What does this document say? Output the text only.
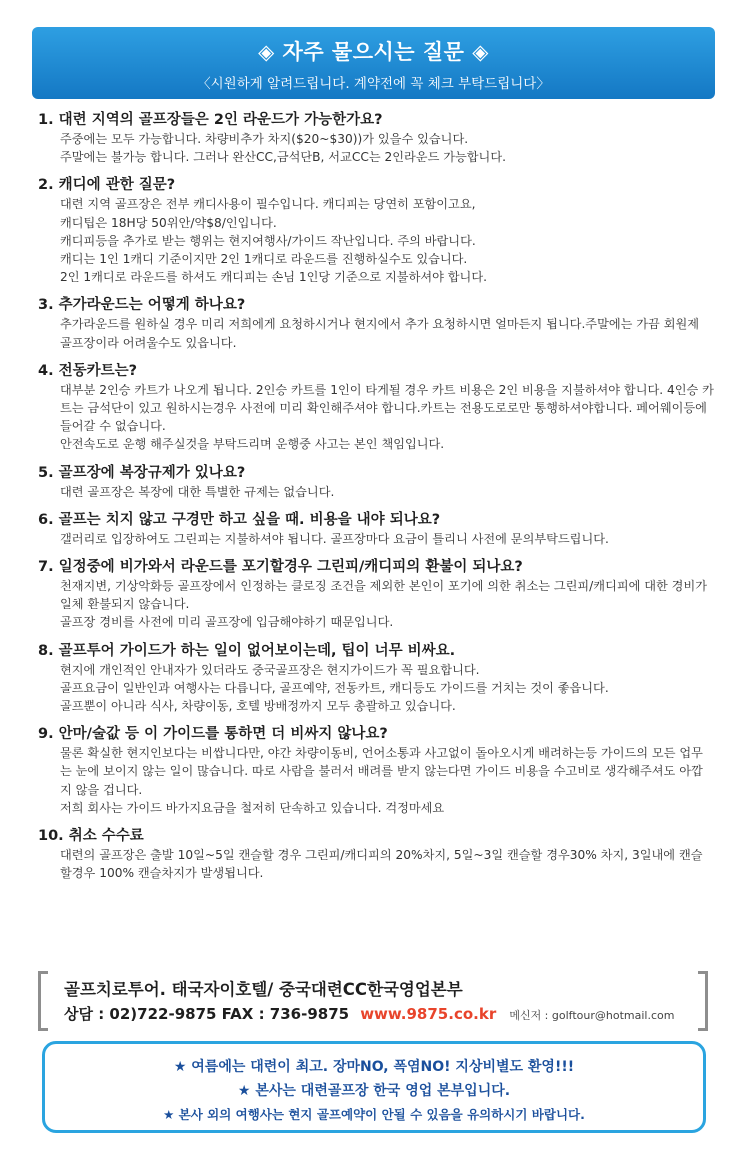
◈ 자주 물으시는 질문 ◈
〈시원하게 알려드립니다. 계약전에 꼭 체크 부탁드립니다〉
1. 대련 지역의 골프장들은 2인 라운드가 가능한가요?
주중에는 모두 가능합니다. 차량비추가 차지($20~$30))가 있을수 있습니다.
주말에는 불가능 합니다. 그러나 완산CC,금석단B, 서교CC는 2인라운드 가능합니다.
2. 캐디에 관한 질문?
대련 지역 골프장은 전부 캐디사용이 필수입니다. 캐디피는 당연히 포함이고요,
캐디팁은 18H당 50위안/약$8/인입니다.
캐디피등을 추가로 받는 행위는 현지여행사/가이드 작난입니다. 주의 바랍니다.
캐디는 1인 1캐디 기준이지만 2인 1캐디로 라운드를 진행하실수도 있습니다.
2인 1캐디로 라운드를 하셔도 캐디피는 손님 1인당 기준으로 지불하셔야 합니다.
3. 추가라운드는 어떻게 하나요?
추가라운드를 원하실 경우 미리 저희에게 요청하시거나 현지에서 추가 요청하시면 얼마든지 됩니다.주말에는 가끔 회원제 골프장이라 어려울수도 있읍니다.
4. 전동카트는?
대부분 2인승 카트가 나오게 됩니다. 2인승 카트를 1인이 타게될 경우 카트 비용은 2인 비용을 지불하셔야 합니다. 4인승 카트는 금석단이 있고 원하시는경우 사전에 미리 확인해주셔야 합니다.카트는 전용도로로만 통행하셔야합니다. 페어웨이등에 들어갈 수 없습니다.
안전속도로 운행 해주실것을 부탁드리며 운행중 사고는 본인 책임입니다.
5. 골프장에 복장규제가 있나요?
대련 골프장은 복장에 대한 특별한 규제는 없습니다.
6. 골프는 치지 않고 구경만 하고 싶을 때. 비용을 내야 되나요?
갤러리로 입장하여도 그린피는 지불하셔야 됩니다. 골프장마다 요금이 틀리니 사전에 문의부탁드립니다.
7. 일정중에 비가와서 라운드를 포기할경우 그린피/캐디피의 환불이 되나요?
천재지변, 기상악화등 골프장에서 인정하는 클로징 조건을 제외한 본인이 포기에 의한 취소는 그린피/캐디피에 대한 경비가 일체 환불되지 않습니다.
골프장 경비를 사전에 미리 골프장에 입금해야하기 때문입니다.
8. 골프투어 가이드가 하는 일이 없어보이는데, 팁이 너무 비싸요.
현지에 개인적인 안내자가 있더라도 중국골프장은 현지가이드가 꼭 필요합니다.
골프요금이 일반인과 여행사는 다릅니다, 골프예약, 전동카트, 캐디등도 가이드를 거치는 것이 좋읍니다.
골프뿐이 아니라 식사, 차량이동, 호텔 방배정까지 모두 총괄하고 있습니다.
9. 안마/술값 등 이 가이드를 통하면 더 비싸지 않나요?
물론 확실한 현지인보다는 비쌉니다만, 야간 차량이동비, 언어소통과 사고없이 돌아오시게 배려하는등 가이드의 모든 업무는 눈에 보이지 않는 일이 많습니다. 따로 사람을 불러서 배려를 받지 않는다면 가이드 비용을 수고비로 생각해주셔도 아깝지 않을 겁니다.
저희 회사는 가이드 바가지요금을 철저히 단속하고 있습니다. 걱정마세요
10. 취소 수수료
대련의 골프장은 출발 10일~5일 캔슬할 경우 그린피/캐디피의 20%차지, 5일~3일 캔슬할 경우30% 차지, 3일내에 캔슬할경우 100% 캔슬차지가 발생됩니다.
골프치로투어. 태국자이호텔/ 중국대련CC한국영업본부
상담 : 02)722-9875 FAX : 736-9875 www.9875.co.kr 메신저 : golftour@hotmail.com
★ 여름에는 대련이 최고. 장마NO, 폭염NO! 지상비별도 환영!!!
★ 본사는 대련골프장 한국 영업 본부입니다.
★ 본사 외의 여행사는 현지 골프예약이 안될 수 있음을 유의하시기 바랍니다.
